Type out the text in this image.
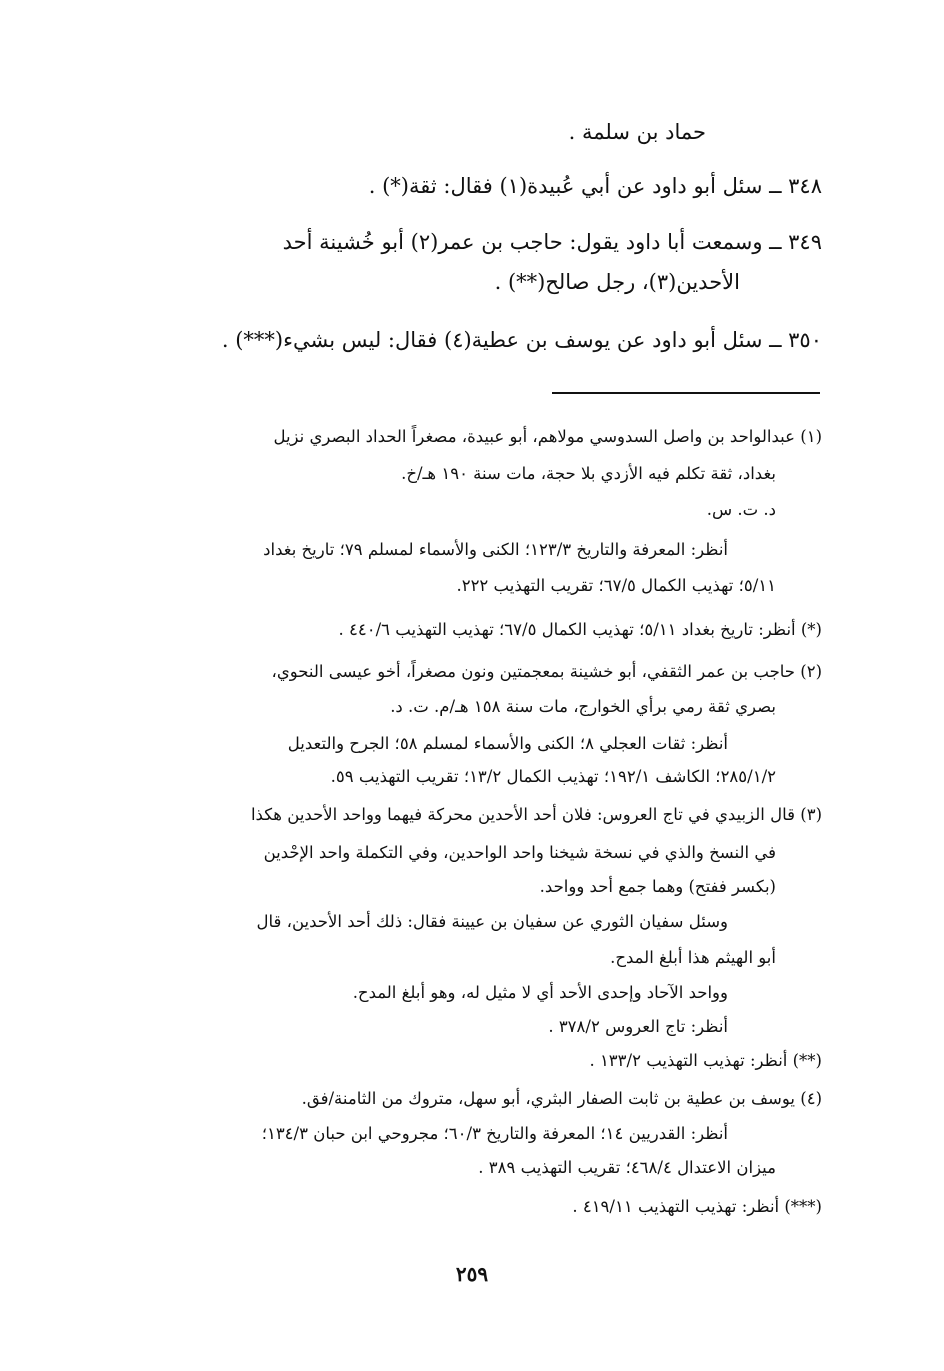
حماد بن سلمة .
٣٤٨ ــ سئل أبو داود عن أبي عُبيدة(١) فقال: ثقة(*) .
٣٤٩ ــ وسمعت أبا داود يقول: حاجب بن عمر(٢) أبو خُشينة أحد
الأحدين(٣)، رجل صالح(**) .
٣٥٠ ــ سئل أبو داود عن يوسف بن عطية(٤) فقال: ليس بشيء(***) .
(١) عبدالواحد بن واصل السدوسي مولاهم، أبو عبيدة، مصغراً الحداد البصري نزيل
بغداد، ثقة تكلم فيه الأزدي بلا حجة، مات سنة ١٩٠ هـ/خ.
د. ت. س.
أنظر: المعرفة والتاريخ ١٢٣/٣؛ الكنى والأسماء لمسلم ٧٩؛ تاريخ بغداد
٥/١١؛ تهذيب الكمال ٦٧/٥؛ تقريب التهذيب ٢٢٢.
(*) أنظر: تاريخ بغداد ٥/١١؛ تهذيب الكمال ٦٧/٥؛ تهذيب التهذيب ٤٤٠/٦ .
(٢) حاجب بن عمر الثقفي، أبو خشينة بمعجمتين ونون مصغراً، أخو عيسى النحوي،
بصري ثقة رمي برأي الخوارج، مات سنة ١٥٨ هـ/م. ت. د.
أنظر: ثقات العجلي ٨؛ الكنى والأسماء لمسلم ٥٨؛ الجرح والتعديل
٢٨٥/١/٢؛ الكاشف ١٩٢/١؛ تهذيب الكمال ١٣/٢؛ تقريب التهذيب ٥٩.
(٣) قال الزبيدي في تاج العروس: فلان أحد الأحدين محركة فيهما وواحد الأحدين هكذا
في النسخ والذي في نسخة شيخنا واحد الواحدين، وفي التكملة واحد الإحْدين
(بكسر ففتح) وهما جمع أحد وواحد.
وسئل سفيان الثوري عن سفيان بن عيينة فقال: ذلك أحد الأحدين، قال
أبو الهيثم هذا أبلغ المدح.
وواحد الآحاد وإحدى الأحد أي لا مثيل له، وهو أبلغ المدح.
أنظر: تاج العروس ٣٧٨/٢ .
(**) أنظر: تهذيب التهذيب ١٣٣/٢ .
(٤) يوسف بن عطية بن ثابت الصفار البثري، أبو سهل، متروك من الثامنة/فق.
أنظر: القدريين ١٤؛ المعرفة والتاريخ ٦٠/٣؛ مجروحي ابن حبان ١٣٤/٣؛
ميزان الاعتدال ٤٦٨/٤؛ تقريب التهذيب ٣٨٩ .
(***) أنظر: تهذيب التهذيب ٤١٩/١١ .
٢٥٩
